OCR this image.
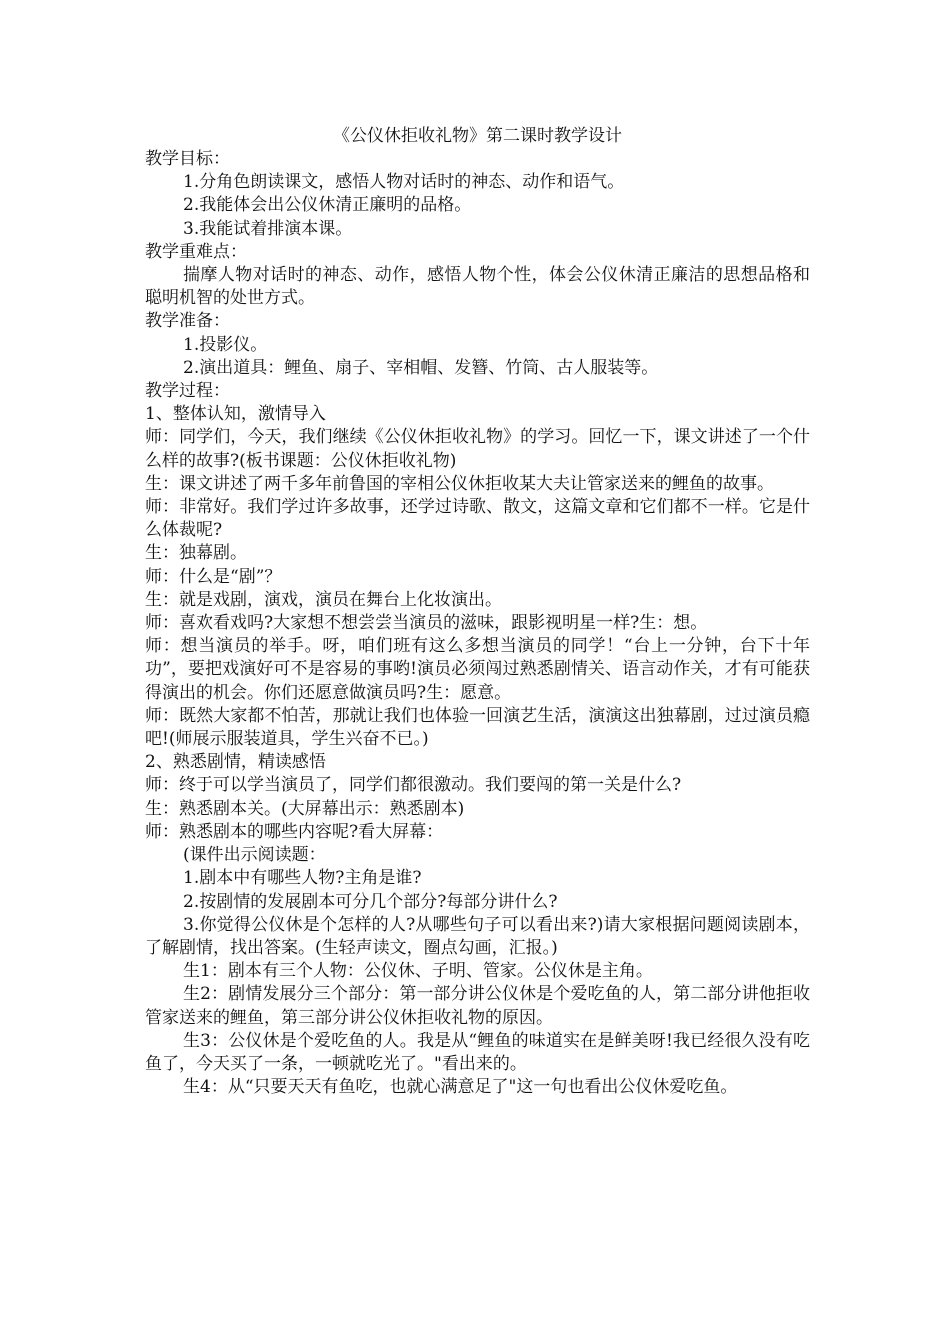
《公仪休拒收礼物》第二课时教学设计
教学目标：
1.分角色朗读课文，感悟人物对话时的神态、动作和语气。
2.我能体会出公仪休清正廉明的品格。
3.我能试着排演本课。
教学重难点：
揣摩人物对话时的神态、动作，感悟人物个性，体会公仪休清正廉洁的思想品格和聪明机智的处世方式。
教学准备：
1.投影仪。
2.演出道具：鲤鱼、扇子、宰相帽、发簪、竹筒、古人服装等。
教学过程：
1、整体认知，激情导入
师：同学们，今天，我们继续《公仪休拒收礼物》的学习。回忆一下，课文讲述了一个什么样的故事?(板书课题：公仪休拒收礼物)
生：课文讲述了两千多年前鲁国的宰相公仪休拒收某大夫让管家送来的鲤鱼的故事。
师：非常好。我们学过许多故事，还学过诗歌、散文，这篇文章和它们都不一样。它是什么体裁呢?
生：独幕剧。
师：什么是“剧”？
生：就是戏剧，演戏，演员在舞台上化妆演出。
师：喜欢看戏吗?大家想不想尝尝当演员的滋味，跟影视明星一样?生：想。
师：想当演员的举手。呀，咱们班有这么多想当演员的同学！“台上一分钟，台下十年功”，要把戏演好可不是容易的事哟!演员必须闯过熟悉剧情关、语言动作关，才有可能获得演出的机会。你们还愿意做演员吗?生：愿意。
师：既然大家都不怕苦，那就让我们也体验一回演艺生活，演演这出独幕剧，过过演员瘾吧!(师展示服装道具，学生兴奋不已。)
2、熟悉剧情，精读感悟
师：终于可以学当演员了，同学们都很激动。我们要闯的第一关是什么?
生：熟悉剧本关。(大屏幕出示：熟悉剧本)
师：熟悉剧本的哪些内容呢?看大屏幕：
(课件出示阅读题：
1.剧本中有哪些人物?主角是谁?
2.按剧情的发展剧本可分几个部分?每部分讲什么?
3.你觉得公仪休是个怎样的人?从哪些句子可以看出来?)请大家根据问题阅读剧本，了解剧情，找出答案。(生轻声读文，圈点勾画，汇报。)
生1：剧本有三个人物：公仪休、子明、管家。公仪休是主角。
生2：剧情发展分三个部分：第一部分讲公仪休是个爱吃鱼的人，第二部分讲他拒收管家送来的鲤鱼，第三部分讲公仪休拒收礼物的原因。
生3：公仪休是个爱吃鱼的人。我是从“鲤鱼的味道实在是鲜美呀!我已经很久没有吃鱼了，今天买了一条，一顿就吃光了。"看出来的。
生4：从“只要天天有鱼吃，也就心满意足了"这一句也看出公仪休爱吃鱼。
